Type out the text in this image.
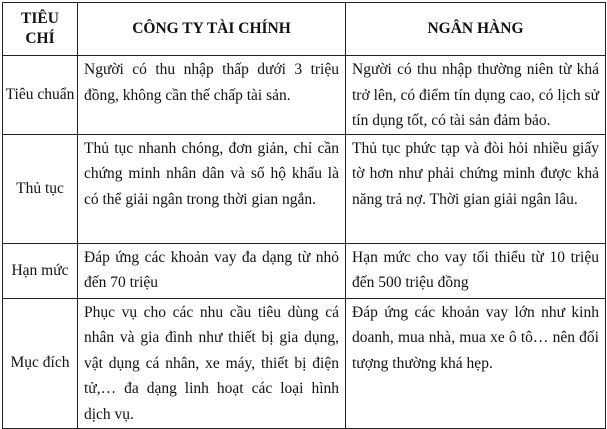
TIÊU CHÍ	CÔNG TY TÀI CHÍNH	NGÂN HÀNG
Tiêu chuẩn	Người có thu nhập thấp dưới 3 triệu đồng, không cần thế chấp tài sản.	Người có thu nhập thường niên từ khá trở lên, có điểm tín dụng cao, có lịch sử tín dụng tốt, có tài sản đảm bảo.
Thủ tục	Thủ tục nhanh chóng, đơn giản, chỉ cần chứng minh nhân dân và sổ hộ khẩu là có thể giải ngân trong thời gian ngắn.	Thủ tục phức tạp và đòi hỏi nhiều giấy tờ hơn như phải chứng minh được khả năng trả nợ. Thời gian giải ngân lâu.
Hạn mức	Đáp ứng các khoản vay đa dạng từ nhỏ đến 70 triệu	Hạn mức cho vay tối thiểu từ 10 triệu đến 500 triệu đồng
Mục đích	Phục vụ cho các nhu cầu tiêu dùng cá nhân và gia đình như thiết bị gia dụng, vật dụng cá nhân, xe máy, thiết bị điện tử,… đa dạng linh hoạt các loại hình dịch vụ.	Đáp ứng các khoản vay lớn như kinh doanh, mua nhà, mua xe ô tô… nên đối tượng thường khá hẹp.
